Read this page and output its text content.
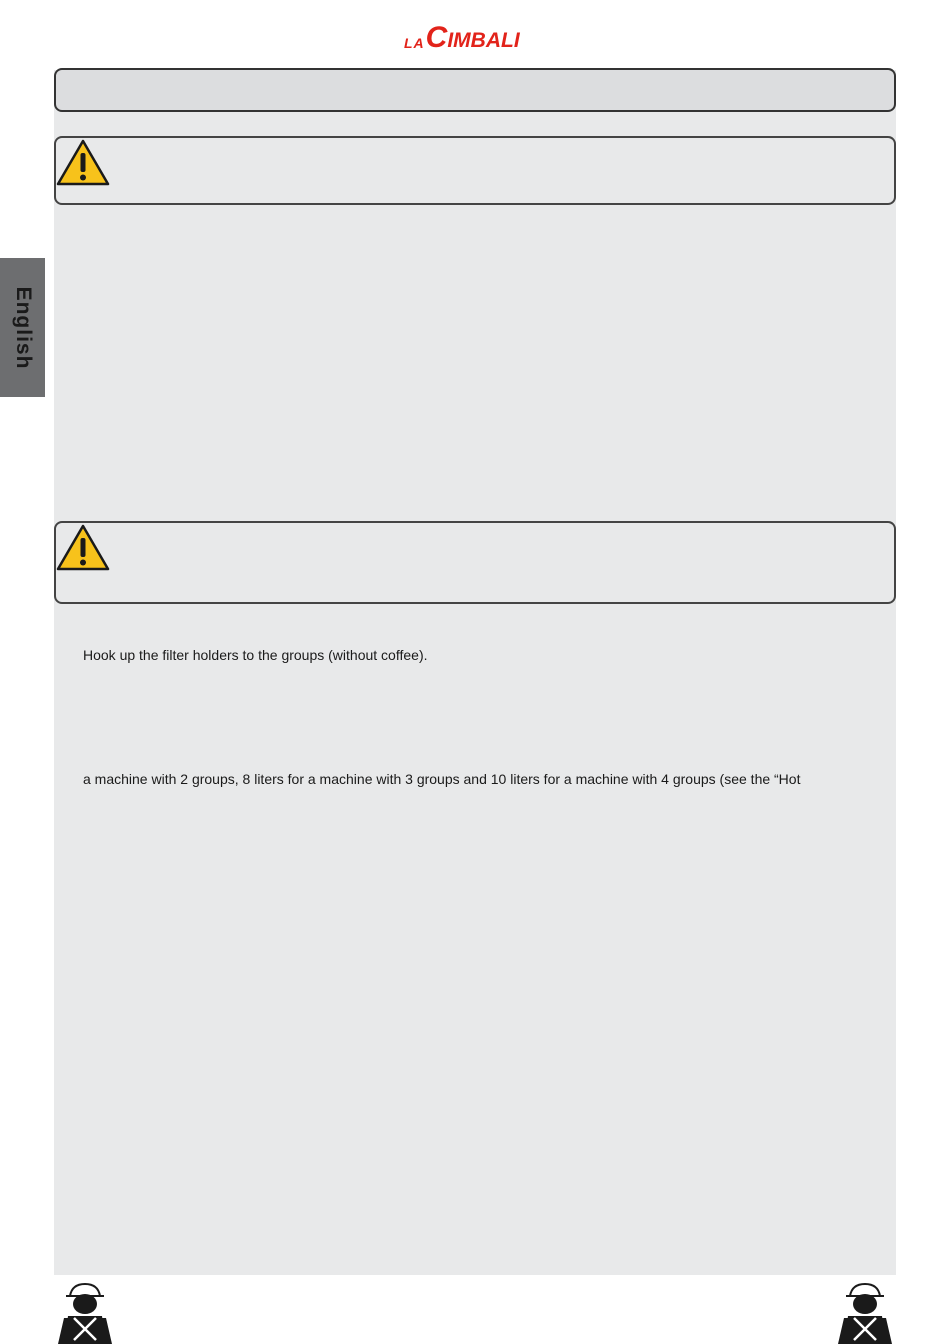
LA C IMBALI
English
Hook up the filter holders to the groups (without coffee).
a machine with 2 groups, 8 liters for a machine with 3 groups and 10 liters for a machine with 4 groups (see the “Hot
